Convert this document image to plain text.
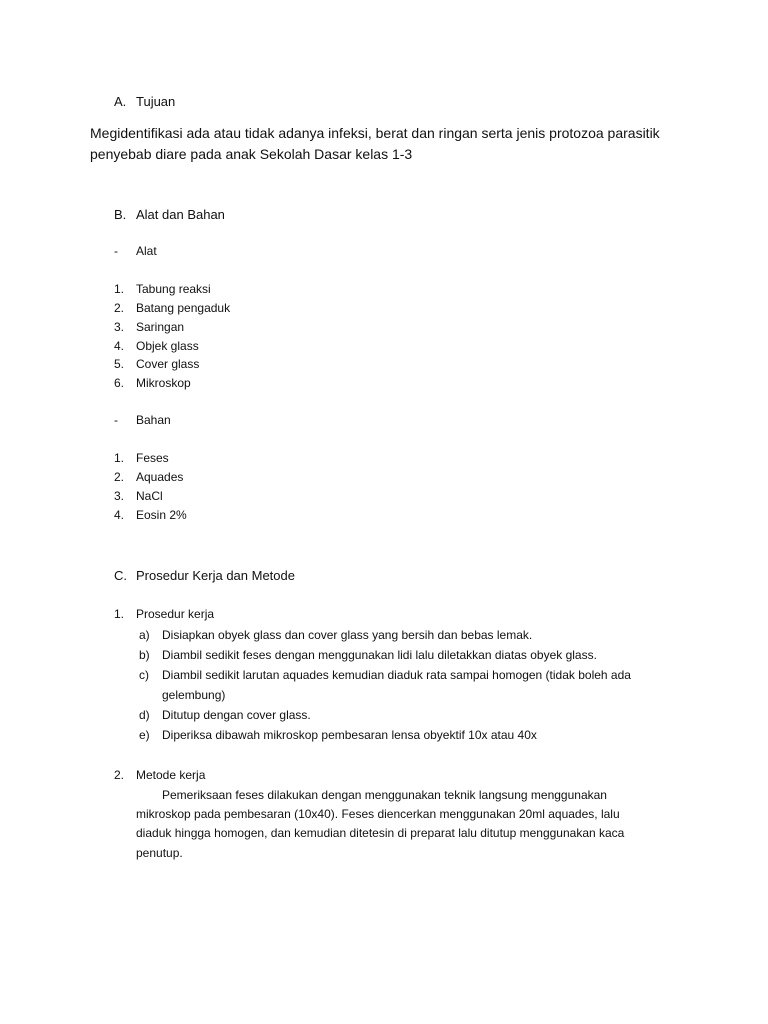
A. Tujuan
Megidentifikasi ada atau tidak adanya infeksi, berat dan ringan serta jenis protozoa parasitik
penyebab diare pada anak Sekolah Dasar kelas 1-3
B. Alat dan Bahan
- Alat
1. Tabung reaksi
2. Batang pengaduk
3. Saringan
4. Objek glass
5. Cover glass
6. Mikroskop
- Bahan
1. Feses
2. Aquades
3. NaCl
4. Eosin 2%
C. Prosedur Kerja dan Metode
1. Prosedur kerja
a) Disiapkan obyek glass dan cover glass yang bersih dan bebas lemak.
b) Diambil sedikit feses dengan menggunakan lidi lalu diletakkan diatas obyek glass.
c) Diambil sedikit larutan aquades kemudian diaduk rata sampai homogen (tidak boleh ada
gelembung)
d) Ditutup dengan cover glass.
e) Diperiksa dibawah mikroskop pembesaran lensa obyektif 10x atau 40x
2. Metode kerja
Pemeriksaan feses dilakukan dengan menggunakan teknik langsung menggunakan
mikroskop pada pembesaran (10x40). Feses diencerkan menggunakan 20ml aquades, lalu
diaduk hingga homogen, dan kemudian ditetesin di preparat lalu ditutup menggunakan kaca
penutup.
